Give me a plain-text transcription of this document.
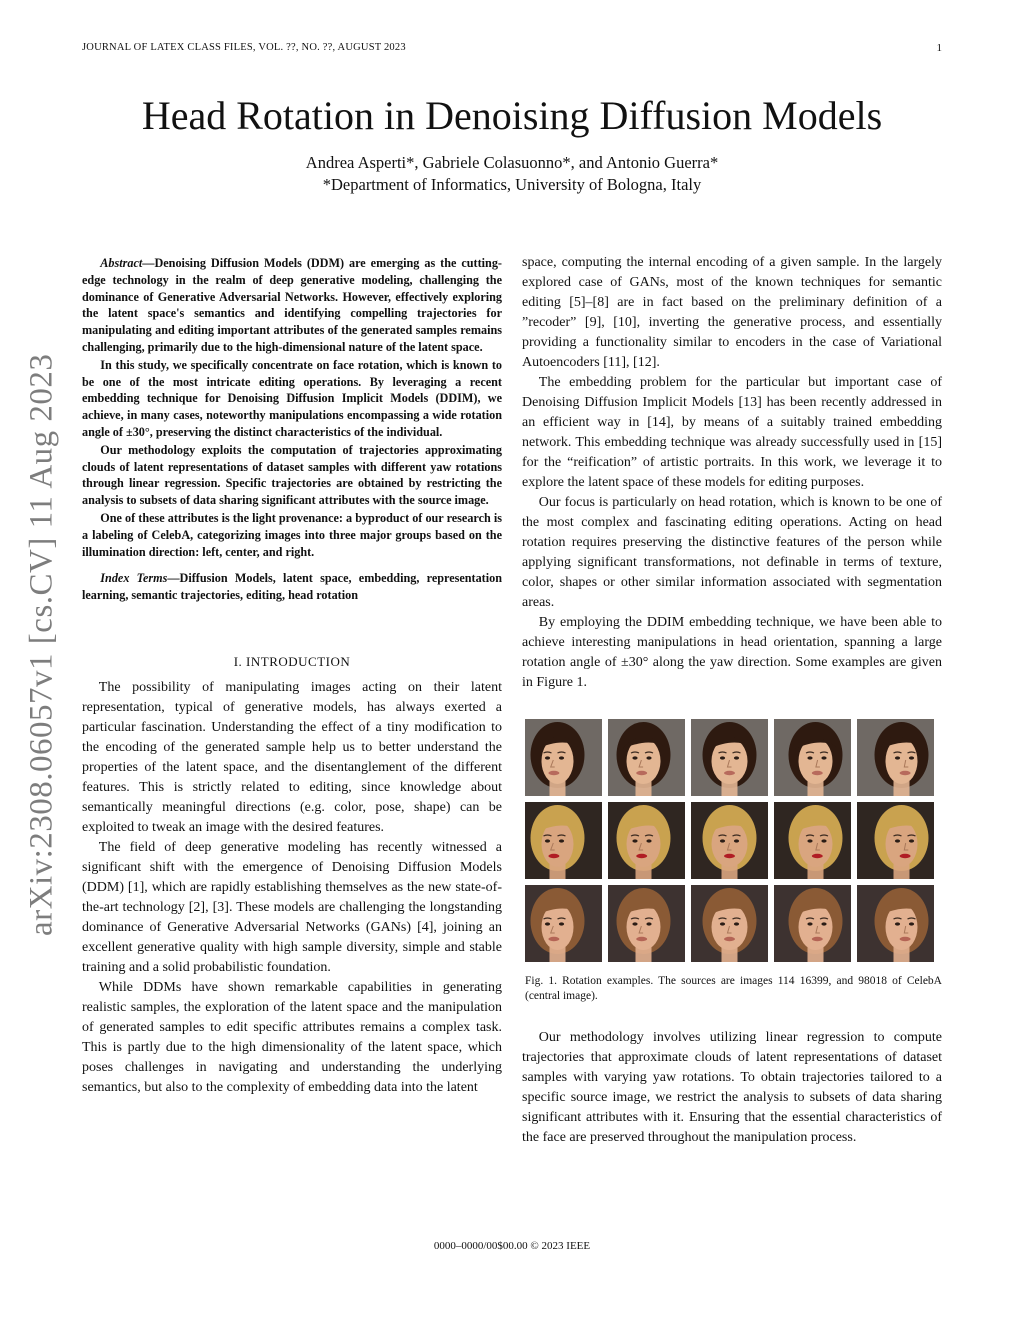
JOURNAL OF LATEX CLASS FILES, VOL. ??, NO. ??, AUGUST 2023	1
arXiv:2308.06057v1 [cs.CV] 11 Aug 2023
Head Rotation in Denoising Diffusion Models
Andrea Asperti*, Gabriele Colasuonno*, and Antonio Guerra*
*Department of Informatics, University of Bologna, Italy

Abstract—Denoising Diffusion Models (DDM) are emerging as the cutting-edge technology in the realm of deep generative modeling, challenging the dominance of Generative Adversarial Networks. However, effectively exploring the latent space's semantics and identifying compelling trajectories for manipulating and editing important attributes of the generated samples remains challenging, primarily due to the high-dimensional nature of the latent space.

In this study, we specifically concentrate on face rotation, which is known to be one of the most intricate editing operations. By leveraging a recent embedding technique for Denoising Diffusion Implicit Models (DDIM), we achieve, in many cases, noteworthy manipulations encompassing a wide rotation angle of ±30°, preserving the distinct characteristics of the individual.

Our methodology exploits the computation of trajectories approximating clouds of latent representations of dataset samples with different yaw rotations through linear regression. Specific trajectories are obtained by restricting the analysis to subsets of data sharing significant attributes with the source image.

One of these attributes is the light provenance: a byproduct of our research is a labeling of CelebA, categorizing images into three major groups based on the illumination direction: left, center, and right.

Index Terms—Diffusion Models, latent space, embedding, representation learning, semantic trajectories, editing, head rotation

I. INTRODUCTION

The possibility of manipulating images acting on their latent representation, typical of generative models, has always exerted a particular fascination. Understanding the effect of a tiny modification to the encoding of the generated sample help us to better understand the properties of the latent space, and the disentanglement of the different features. This is strictly related to editing, since knowledge about semantically meaningful directions (e.g. color, pose, shape) can be exploited to tweak an image with the desired features.

The field of deep generative modeling has recently witnessed a significant shift with the emergence of Denoising Diffusion Models (DDM) [1], which are rapidly establishing themselves as the new state-of-the-art technology [2], [3]. These models are challenging the longstanding dominance of Generative Adversarial Networks (GANs) [4], joining an excellent generative quality with high sample diversity, simple and stable training and a solid probabilistic foundation.

While DDMs have shown remarkable capabilities in generating realistic samples, the exploration of the latent space and the manipulation of generated samples to edit specific attributes remains a complex task. This is partly due to the high dimensionality of the latent space, which poses challenges in navigating and understanding the underlying semantics, but also to the complexity of embedding data into the latent

space, computing the internal encoding of a given sample. In the largely explored case of GANs, most of the known techniques for semantic editing [5]–[8] are in fact based on the preliminary definition of a ”recoder” [9], [10], inverting the generative process, and essentially providing a functionality similar to encoders in the case of Variational Autoencoders [11], [12].

The embedding problem for the particular but important case of Denoising Diffusion Implicit Models [13] has been recently addressed in an efficient way in [14], by means of a suitably trained embedding network. This embedding technique was already successfully used in [15] for the “reification” of artistic portraits. In this work, we leverage it to explore the latent space of these models for editing purposes.

Our focus is particularly on head rotation, which is known to be one of the most complex and fascinating editing operations. Acting on head rotation requires preserving the distinctive features of the person while applying significant transformations, not definable in terms of texture, color, shapes or other similar information associated with segmentation areas.

By employing the DDIM embedding technique, we have been able to achieve interesting manipulations in head orientation, spanning a large rotation angle of ±30° along the yaw direction. Some examples are given in Figure 1.

Fig. 1. Rotation examples. The sources are images 114 16399, and 98018 of CelebA (central image).

Our methodology involves utilizing linear regression to compute trajectories that approximate clouds of latent representations of dataset samples with varying yaw rotations. To obtain trajectories tailored to a specific source image, we restrict the analysis to subsets of data sharing significant attributes with it. Ensuring that the essential characteristics of the face are preserved throughout the manipulation process.

0000–0000/00$00.00 © 2023 IEEE
